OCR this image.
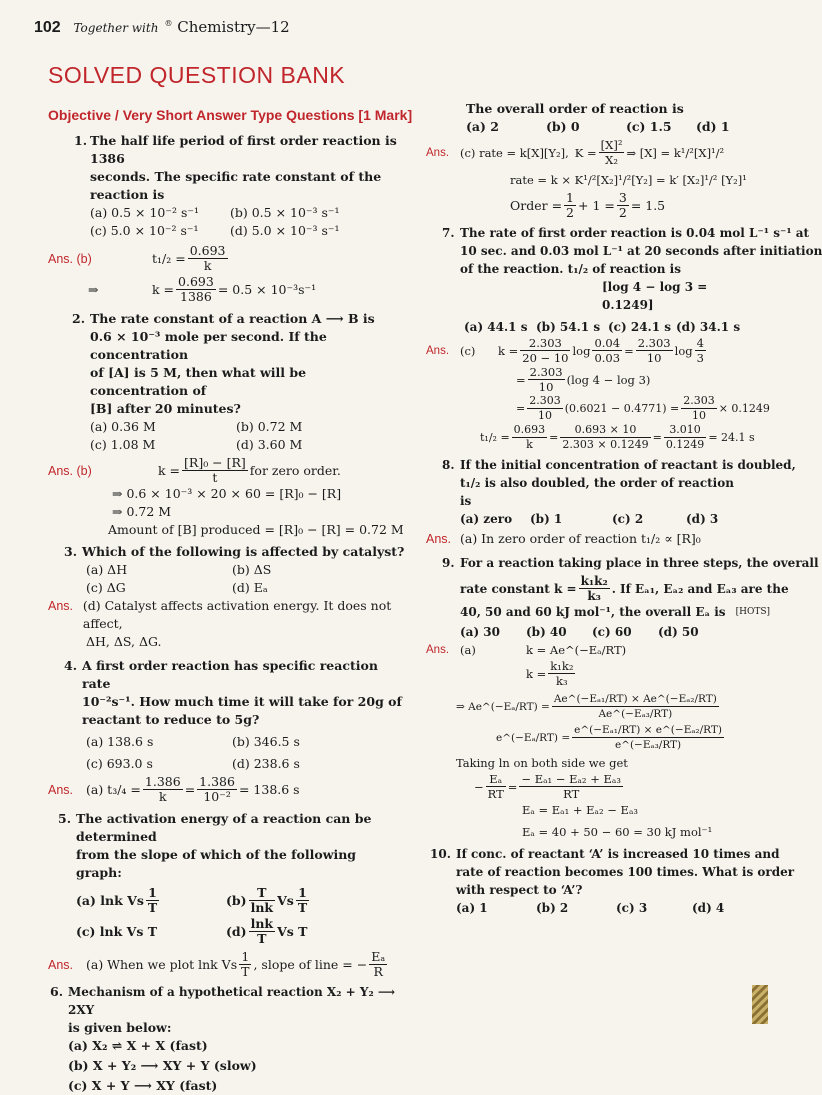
102 Together with ® Chemistry—12
SOLVED QUESTION BANK
Objective / Very Short Answer Type Questions [1 Mark]
1. The half life period of first order reaction is 1386
seconds. The specific rate constant of the reaction is
(a) 0.5 × 10⁻² s⁻¹	(b) 0.5 × 10⁻³ s⁻¹
(c) 5.0 × 10⁻² s⁻¹	(d) 5.0 × 10⁻³ s⁻¹
Ans. (b)	$t_1/_2 = \frac{0.693}{k}$
⇒	$k = \frac{0.693}{1386} = 0.5 \times 10^{-3}s^{-1}$
2. The rate constant of a reaction A ⟶ B is
0.6 × 10⁻³ mole per second. If the concentration
of [A] is 5 M, then what will be concentration of
[B] after 20 minutes?
(a) 0.36 M	(b) 0.72 M
(c) 1.08 M	(d) 3.60 M
Ans. (b)	$k = \frac{\text{[R]₀ − [R]}}{t}$ for zero order.
⇒ 0.6 × 10⁻³ × 20 × 60 = [R]₀ − [R]
⇒ 0.72 M
Amount of [B] produced = [R]₀ − [R] = 0.72 M
3. Which of the following is affected by catalyst?
(a) ΔH	(b) ΔS
(c) ΔG	(d) Eₐ
Ans. (d) Catalyst affects activation energy. It does not affect,
ΔH, ΔS, ΔG.
4. A first order reaction has specific reaction rate
10⁻²s⁻¹. How much time it will take for 20g of
reactant to reduce to 5g?
(a) 138.6 s	(b) 346.5 s
(c) 693.0 s	(d) 238.6 s
Ans.	(a) $t_3/_4 = \frac{1.386}{k} = \frac{1.386}{\text{10⁻²}} = 138.6$ s
5. The activation energy of a reaction can be determined
from the slope of which of the following graph:
(a) lnk Vs $\frac{1}{T}$	$(b) \frac{T}{\ln k}$ Vs $\frac{1}{T}$
(c) lnk Vs T	$(d) \frac{\ln k}{T}$ Vs T
Ans.	(a) When we plot lnk Vs $\frac{1}{T}$ , slope of line = − $\frac{\text{Eₐ}}{R}$
6. Mechanism of a hypothetical reaction X₂ + Y₂ ⟶ 2XY
is given below:
(a) X₂ ⇌ X + X (fast)
(b) X + Y₂ ⟶ XY + Y (slow)
(c) X + Y ⟶ XY (fast)
The overall order of reaction is
(a) 2	(b) 0	(c) 1.5	(d) 1
Ans. (c) rate = k[X][Y₂], $K = \frac{\text{[X]²}}{\text{X₂}}$ ⇒ [X] = k¹/²[X]¹/²
rate = k × K¹/²[X₂]¹/²[Y₂] = k′ [X₂]¹/² [Y₂]¹
Order = $\frac{1}{2} + 1 = \frac{3}{2} = 1.5$
7. The rate of first order reaction is 0.04 mol L⁻¹ s⁻¹ at
10 sec. and 0.03 mol L⁻¹ at 20 seconds after initiation
of the reaction. t₁/₂ of reaction is
[log 4 − log 3 = 0.1249]
(a) 44.1 s (b) 54.1 s (c) 24.1 s (d) 34.1 s
Ans. (c)	$k = \frac{2.303}{20 - 10}$ $\log \frac{0.04}{0.03} = \frac{2.303}{10}$ $\log \frac{4}{3}$
= $\frac{2.303}{10} (\log$ 4 − log 3)
= $\frac{2.303}{10} (0.6021 - 0.4771) = \frac{2.303}{10} \times 0.1249$
$t_1/_2 = \frac{0.693}{k} = \frac{0.693 \times 10}{2.303 \times 0.1249} = \frac{3.010}{0.1249} = 24.1$ s
8. If the initial concentration of reactant is doubled,
t₁/₂ is also doubled, the order of reaction is
(a) zero	(b) 1	(c) 2	(d) 3
Ans. (a) In zero order of reaction t₁/₂ ∝ [R]₀
9. For a reaction taking place in three steps, the overall
rate constant $k = \frac{\text{k₁k₂}}{\text{k₃}}$ . If Eₐ₁, Eₐ₂ and Eₐ₃ are the
40, 50 and 60 kJ mol⁻¹, the overall Eₐ is [HOTS]
(a) 30	(b) 40	(c) 60	(d) 50
Ans. (a)	k = Ae^(−Eₐ/RT)
$k = \frac{\text{k₁k₂}}{\text{k₃}}$
⇒ Ae^(−Eₐ/RT) = $\frac{\text{Ae\textasciicircum{}(−Eₐ₁/RT) × Ae\textasciicircum{}(−Eₐ₂/RT)}}{\text{Ae\textasciicircum{}(−Eₐ₃/RT)}}$
e^(−Eₐ/RT) = $\frac{\text{e\textasciicircum{}(−Eₐ₁/RT) × e\textasciicircum{}(−Eₐ₂/RT)}}{\text{e\textasciicircum{}(−Eₐ₃/RT)}}$
Taking ln on both side we get
− $\frac{\text{Eₐ}}{RT} = \frac{\text{− Eₐ₁ − Eₐ₂ + Eₐ₃}}{RT}$
Eₐ = Eₐ₁ + Eₐ₂ − Eₐ₃
Eₐ = 40 + 50 − 60 = 30 kJ mol⁻¹
10. If conc. of reactant ‘A’ is increased 10 times and
rate of reaction becomes 100 times. What is order
with respect to ‘A’?
(a) 1	(b) 2	(c) 3	(d) 4
